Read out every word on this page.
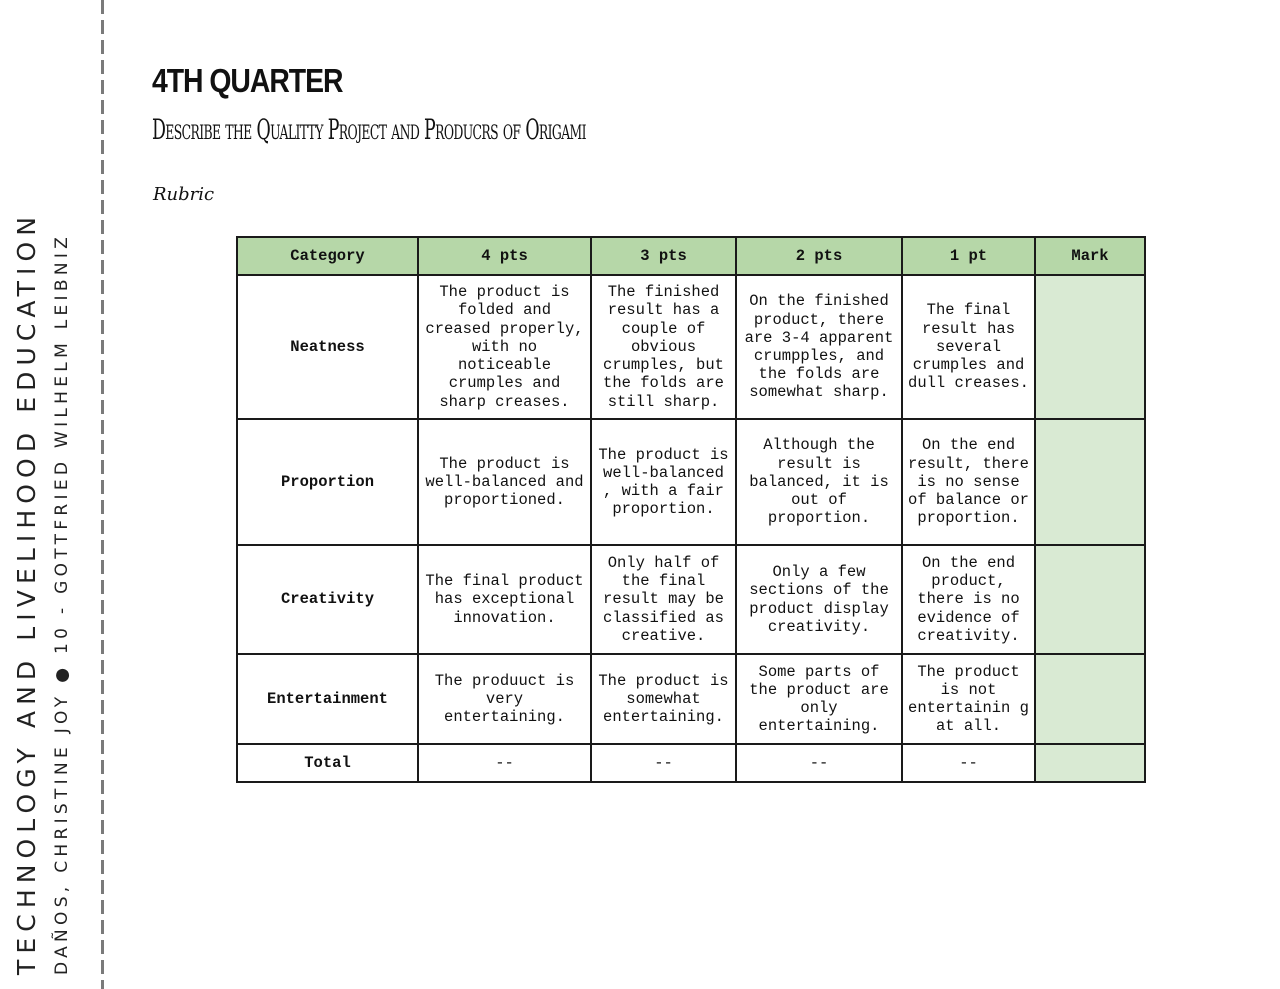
TECHNOLOGY AND LIVELIHOOD EDUCATION DAÑOS, CHRISTINE JOY ● 10 - GOTTFRIED WILHELM LEIBNIZ
4TH QUARTER
Describe the Qualitty Project and Producrs of Origami
Rubric
Category	4 pts	3 pts	2 pts	1 pt	Mark
Neatness	The product is folded and creased properly, with no noticeable crumples and sharp creases.	The finished result has a couple of obvious crumples, but the folds are still sharp.	On the finished product, there are 3-4 apparent crumpples, and the folds are somewhat sharp.	The final result has several crumples and dull creases.	
Proportion	The product is well-balanced and proportioned.	The product is well-balanced , with a fair proportion.	Although the result is balanced, it is out of proportion.	On the end result, there is no sense of balance or proportion.	
Creativity	The final product has exceptional innovation.	Only half of the final result may be classified as creative.	Only a few sections of the product display creativity.	On the end product, there is no evidence of creativity.	
Entertainment	The produuct is very entertaining.	The product is somewhat entertaining.	Some parts of the product are only entertaining.	The product is not entertainin g at all.	
Total	--	--	--	--	
